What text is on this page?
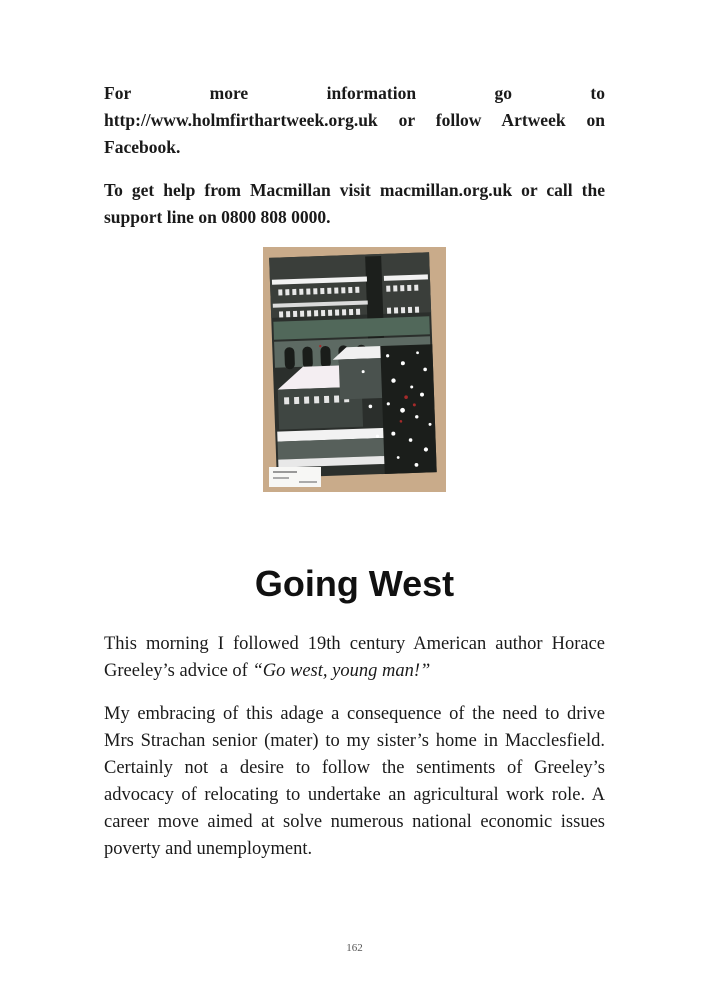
For	more	information	go	to

http://www.holmfirthartweek.org.uk or follow Artweek on Facebook.

To get help from Macmillan visit macmillan.org.uk or call the support line on 0800 808 0000.

Going West

This morning I followed 19th century American author Horace Greeley’s advice of “Go west, young man!”

My embracing of this adage a consequence of the need to drive Mrs Strachan senior (mater) to my sister’s home in Macclesfield. Certainly not a desire to follow the sentiments of Greeley’s advocacy of relocating to undertake an agricultural work role. A career move aimed at solve numerous national economic issues poverty and unemployment.

162
